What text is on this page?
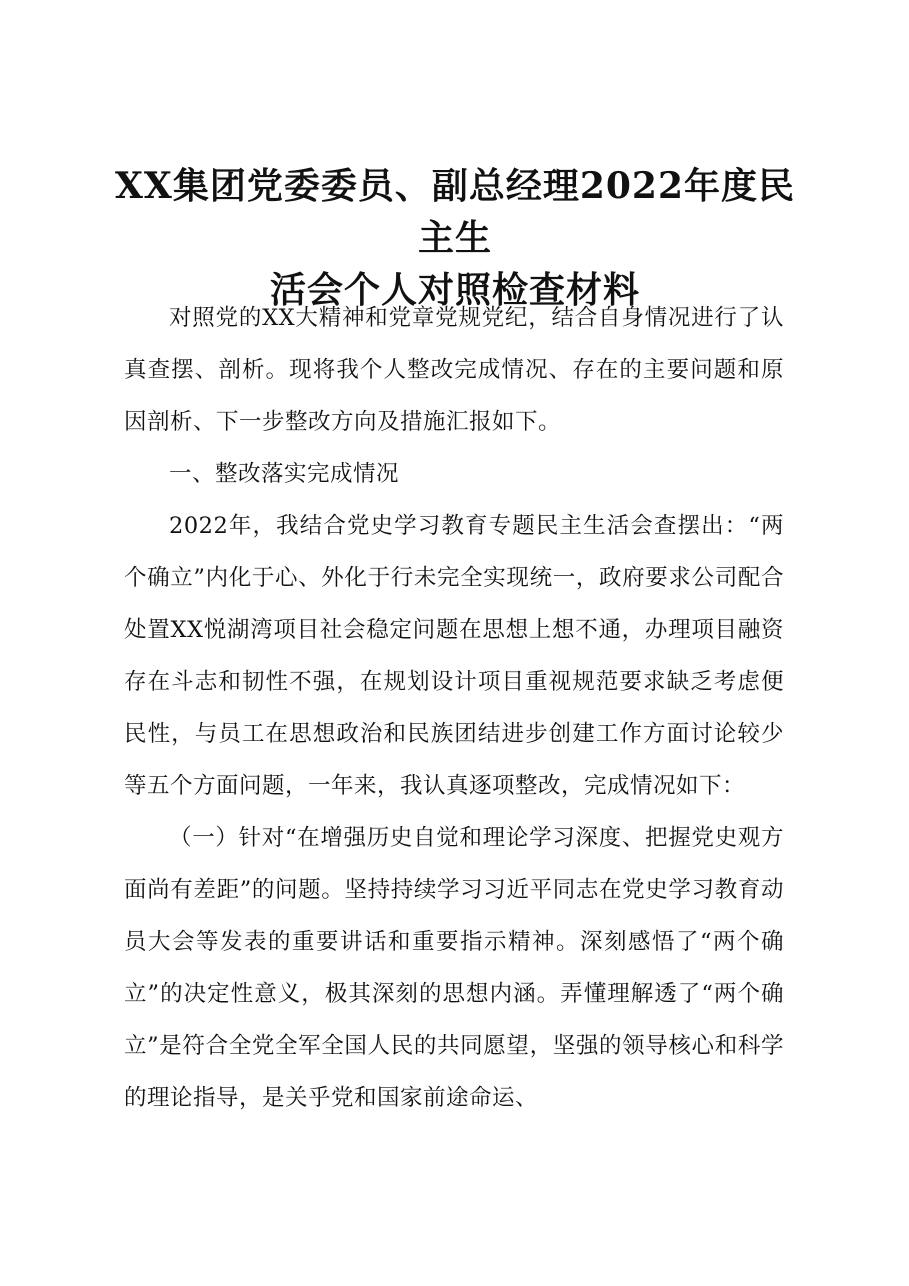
XX集团党委委员、副总经理2022年度民主生
活会个人对照检查材料

对照党的XX大精神和党章党规党纪，结合自身情况进行了认真查摆、剖析。现将我个人整改完成情况、存在的主要问题和原因剖析、下一步整改方向及措施汇报如下。

一、整改落实完成情况

2022年，我结合党史学习教育专题民主生活会查摆出：“两个确立”内化于心、外化于行未完全实现统一，政府要求公司配合处置XX悦湖湾项目社会稳定问题在思想上想不通，办理项目融资存在斗志和韧性不强，在规划设计项目重视规范要求缺乏考虑便民性，与员工在思想政治和民族团结进步创建工作方面讨论较少等五个方面问题，一年来，我认真逐项整改，完成情况如下：

（一）针对“在增强历史自觉和理论学习深度、把握党史观方面尚有差距”的问题。坚持持续学习习近平同志在党史学习教育动员大会等发表的重要讲话和重要指示精神。深刻感悟了“两个确立”的决定性意义，极其深刻的思想内涵。弄懂理解透了“两个确立”是符合全党全军全国人民的共同愿望，坚强的领导核心和科学的理论指导，是关乎党和国家前途命运、
